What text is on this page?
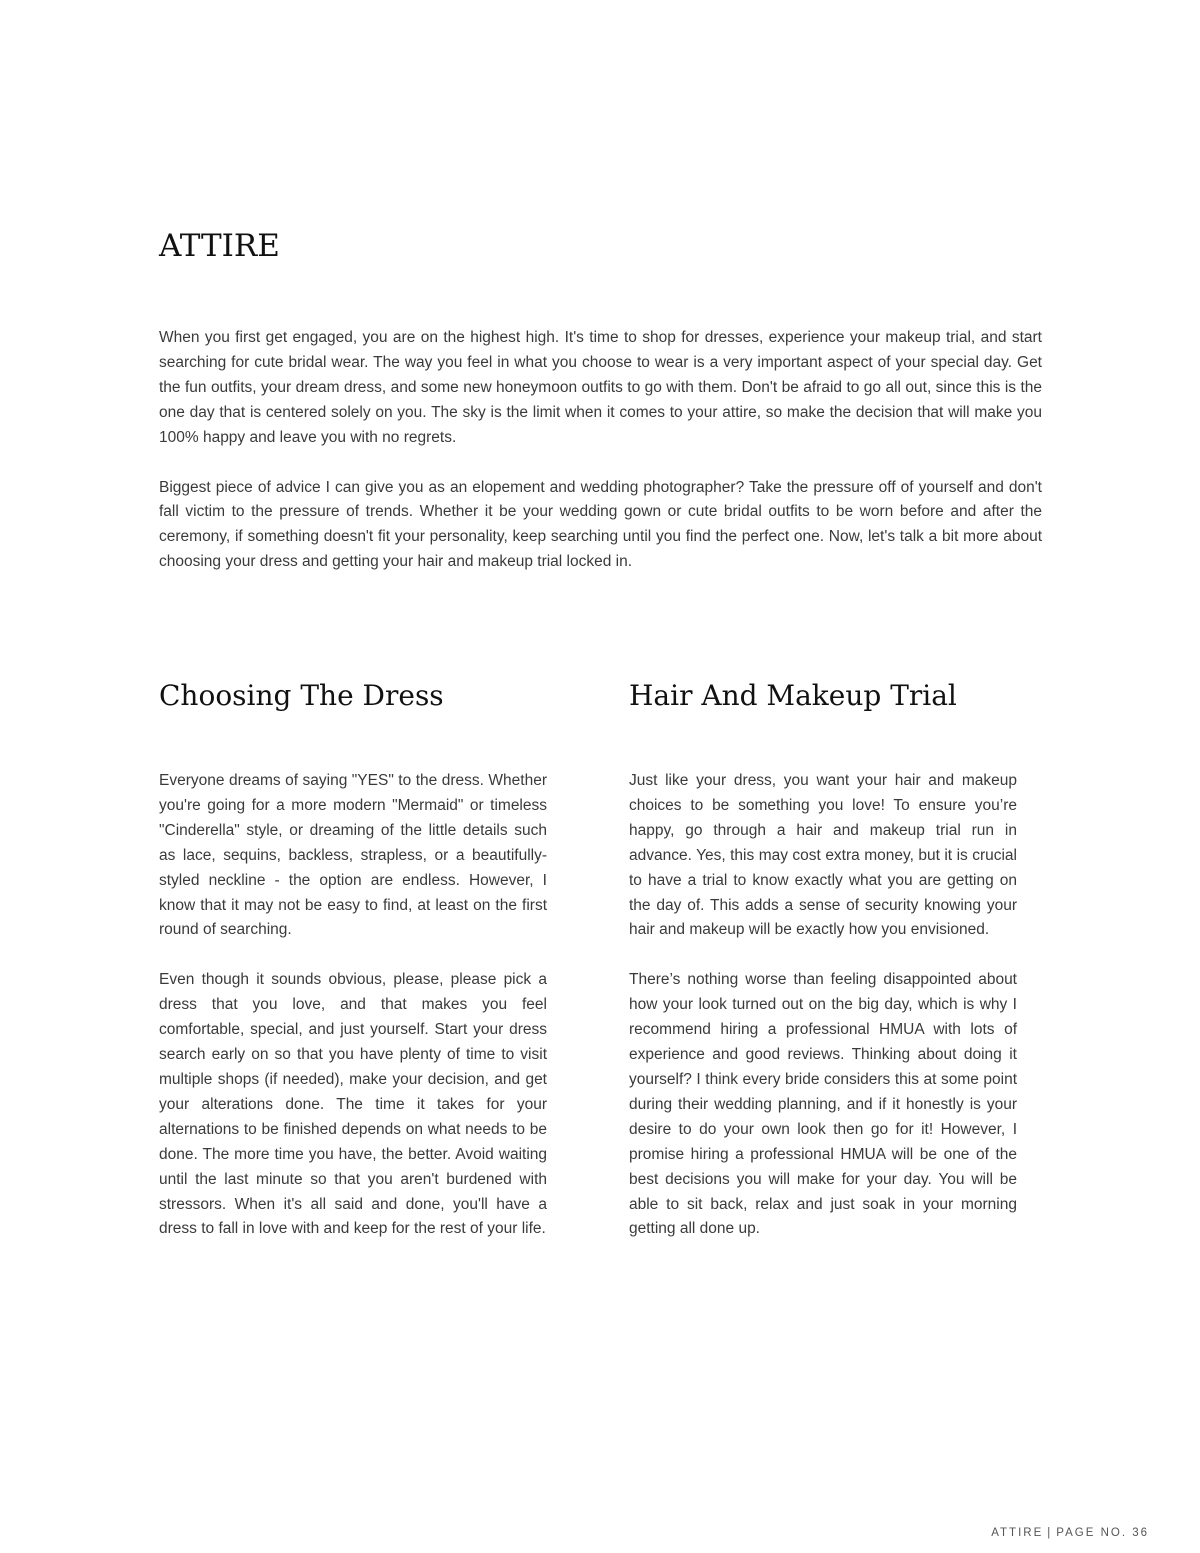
ATTIRE

When you first get engaged, you are on the highest high. It's time to shop for dresses, experience your makeup trial, and start searching for cute bridal wear. The way you feel in what you choose to wear is a very important aspect of your special day. Get the fun outfits, your dream dress, and some new honeymoon outfits to go with them. Don't be afraid to go all out, since this is the one day that is centered solely on you. The sky is the limit when it comes to your attire, so make the decision that will make you 100% happy and leave you with no regrets.

Biggest piece of advice I can give you as an elopement and wedding photographer? Take the pressure off of yourself and don't fall victim to the pressure of trends. Whether it be your wedding gown or cute bridal outfits to be worn before and after the ceremony, if something doesn't fit your personality, keep searching until you find the perfect one. Now, let's talk a bit more about choosing your dress and getting your hair and makeup trial locked in.

Choosing The Dress

Everyone dreams of saying "YES" to the dress. Whether you're going for a more modern "Mermaid" or timeless "Cinderella" style, or dreaming of the little details such as lace, sequins, backless, strapless, or a beautifully-styled neckline - the option are endless. However, I know that it may not be easy to find, at least on the first round of searching.

Even though it sounds obvious, please, please pick a dress that you love, and that makes you feel comfortable, special, and just yourself. Start your dress search early on so that you have plenty of time to visit multiple shops (if needed), make your decision, and get your alterations done. The time it takes for your alternations to be finished depends on what needs to be done. The more time you have, the better. Avoid waiting until the last minute so that you aren't burdened with stressors. When it's all said and done, you'll have a dress to fall in love with and keep for the rest of your life.

Hair And Makeup Trial

Just like your dress, you want your hair and makeup choices to be something you love! To ensure you’re happy, go through a hair and makeup trial run in advance. Yes, this may cost extra money, but it is crucial to have a trial to know exactly what you are getting on the day of. This adds a sense of security knowing your hair and makeup will be exactly how you envisioned.

There’s nothing worse than feeling disappointed about how your look turned out on the big day, which is why I recommend hiring a professional HMUA with lots of experience and good reviews. Thinking about doing it yourself? I think every bride considers this at some point during their wedding planning, and if it honestly is your desire to do your own look then go for it! However, I promise hiring a professional HMUA will be one of the best decisions you will make for your day. You will be able to sit back, relax and just soak in your morning getting all done up.

ATTIRE | PAGE NO. 36
